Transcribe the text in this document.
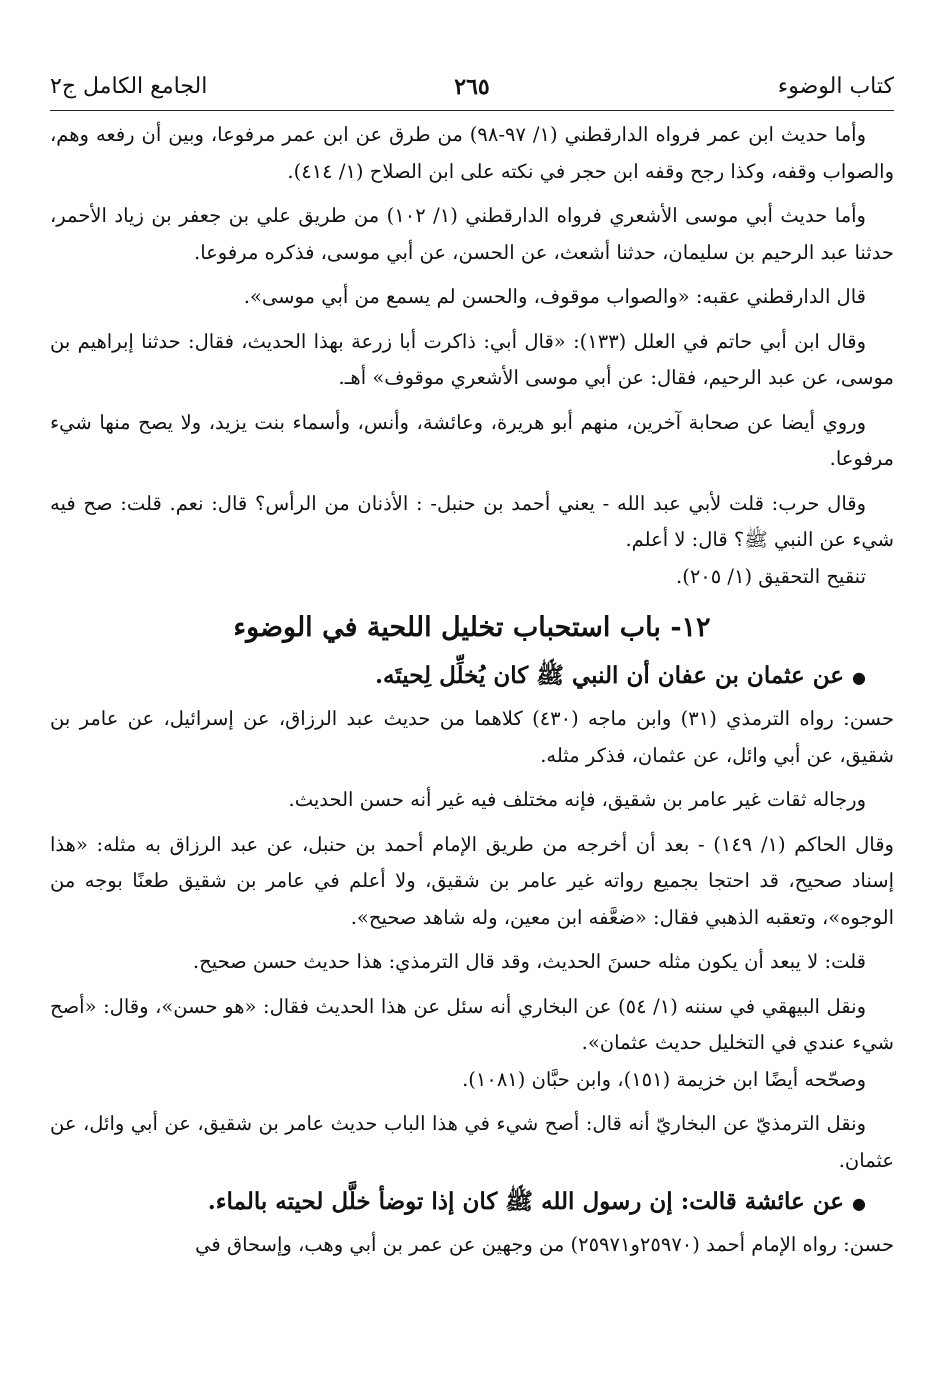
كتاب الوضوء
٢٦٥
الجامع الكامل ج٢

وأما حديث ابن عمر فرواه الدارقطني (١/ ٩٧-٩٨) من طرق عن ابن عمر مرفوعا، وبين أن رفعه وهم، والصواب وقفه، وكذا رجح وقفه ابن حجر في نكته على ابن الصلاح (١/ ٤١٤).

وأما حديث أبي موسى الأشعري فرواه الدارقطني (١/ ١٠٢) من طريق علي بن جعفر بن زياد الأحمر، حدثنا عبد الرحيم بن سليمان، حدثنا أشعث، عن الحسن، عن أبي موسى، فذكره مرفوعا.

قال الدارقطني عقبه: «والصواب موقوف، والحسن لم يسمع من أبي موسى».

وقال ابن أبي حاتم في العلل (١٣٣): «قال أبي: ذاكرت أبا زرعة بهذا الحديث، فقال: حدثنا إبراهيم بن موسى، عن عبد الرحيم، فقال: عن أبي موسى الأشعري موقوف» أهـ.

وروي أيضا عن صحابة آخرين، منهم أبو هريرة، وعائشة، وأنس، وأسماء بنت يزيد، ولا يصح منها شيء مرفوعا.

وقال حرب: قلت لأبي عبد الله - يعني أحمد بن حنبل- : الأذنان من الرأس؟ قال: نعم. قلت: صح فيه شيء عن النبي ﷺ؟ قال: لا أعلم.

تنقيح التحقيق (١/ ٢٠٥).

١٢- باب استحباب تخليل اللحية في الوضوء

●عن عثمان بن عفان أن النبي ﷺ كان يُخلِّل لِحيتَه.

حسن: رواه الترمذي (٣١) وابن ماجه (٤٣٠) كلاهما من حديث عبد الرزاق، عن إسرائيل، عن عامر بن شقيق، عن أبي وائل، عن عثمان، فذكر مثله.

ورجاله ثقات غير عامر بن شقيق، فإنه مختلف فيه غير أنه حسن الحديث.

وقال الحاكم (١/ ١٤٩) - بعد أن أخرجه من طريق الإمام أحمد بن حنبل، عن عبد الرزاق به مثله: «هذا إسناد صحيح، قد احتجا بجميع رواته غير عامر بن شقيق، ولا أعلم في عامر بن شقيق طعنًا بوجه من الوجوه»، وتعقبه الذهبي فقال: «ضعَّفه ابن معين، وله شاهد صحيح».

قلت: لا يبعد أن يكون مثله حسنَ الحديث، وقد قال الترمذي: هذا حديث حسن صحيح.

ونقل البيهقي في سننه (١/ ٥٤) عن البخاري أنه سئل عن هذا الحديث فقال: «هو حسن»، وقال: «أصح شيء عندي في التخليل حديث عثمان».

وصحّحه أيضًا ابن خزيمة (١٥١)، وابن حبَّان (١٠٨١).

ونقل الترمذيّ عن البخاريّ أنه قال: أصح شيء في هذا الباب حديث عامر بن شقيق، عن أبي وائل، عن عثمان.

●عن عائشة قالت: إن رسول الله ﷺ كان إذا توضأ خلَّل لحيته بالماء.

حسن: رواه الإمام أحمد (٢٥٩٧٠و٢٥٩٧١) من وجهين عن عمر بن أبي وهب، وإسحاق في
